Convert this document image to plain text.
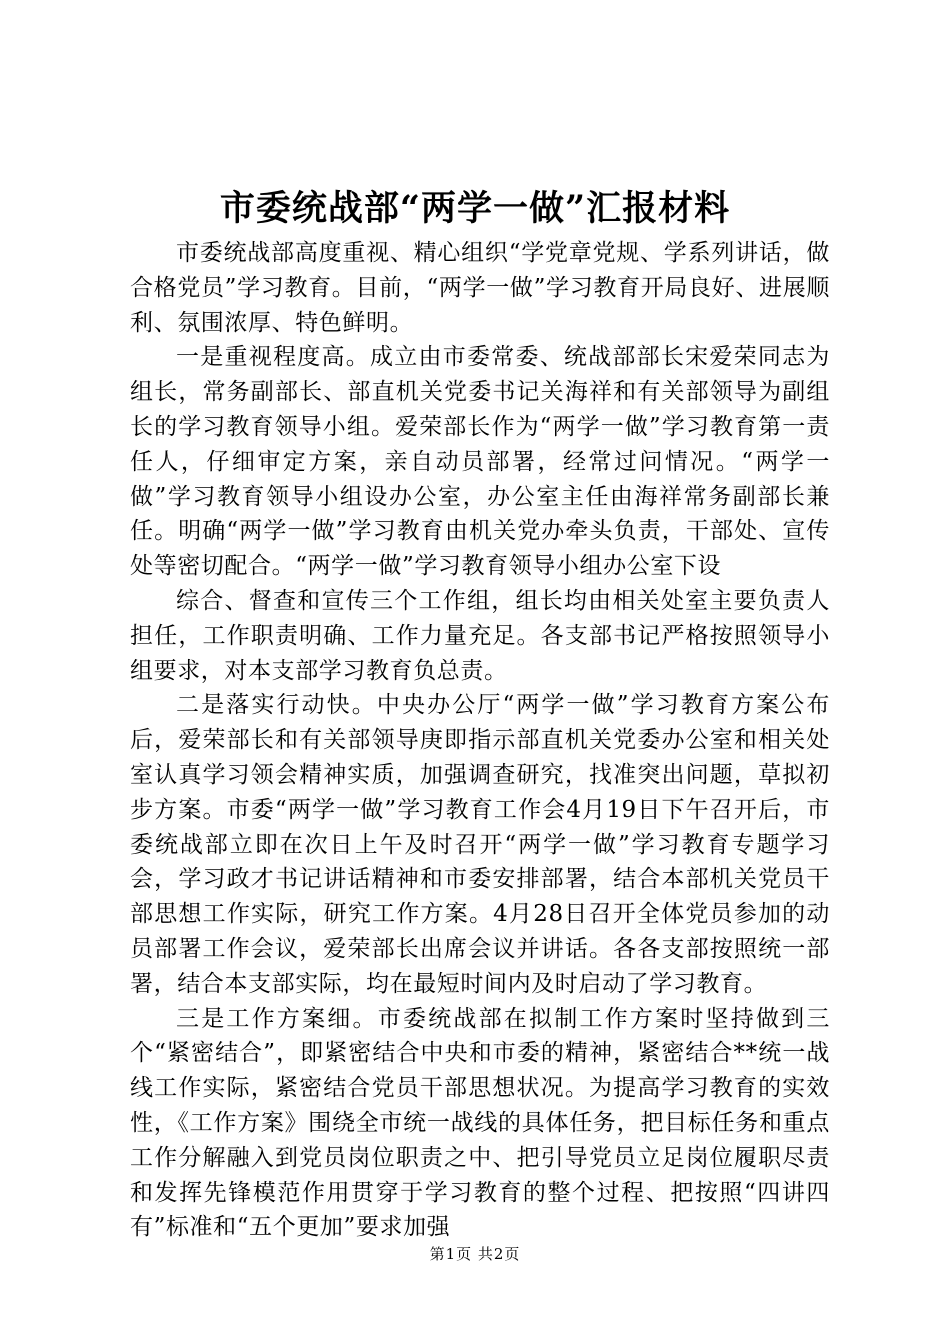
市委统战部“两学一做”汇报材料

市委统战部高度重视、精心组织“学党章党规、学系列讲话，做合格党员”学习教育。目前，“两学一做”学习教育开局良好、进展顺利、氛围浓厚、特色鲜明。

一是重视程度高。成立由市委常委、统战部部长宋爱荣同志为组长，常务副部长、部直机关党委书记关海祥和有关部领导为副组长的学习教育领导小组。爱荣部长作为“两学一做”学习教育第一责任人，仔细审定方案，亲自动员部署，经常过问情况。“两学一做”学习教育领导小组设办公室，办公室主任由海祥常务副部长兼任。明确“两学一做”学习教育由机关党办牵头负责，干部处、宣传处等密切配合。“两学一做”学习教育领导小组办公室下设

综合、督查和宣传三个工作组，组长均由相关处室主要负责人担任，工作职责明确、工作力量充足。各支部书记严格按照领导小组要求，对本支部学习教育负总责。

二是落实行动快。中央办公厅“两学一做”学习教育方案公布后，爱荣部长和有关部领导庚即指示部直机关党委办公室和相关处室认真学习领会精神实质，加强调查研究，找准突出问题，草拟初步方案。市委“两学一做”学习教育工作会4月19日下午召开后，市委统战部立即在次日上午及时召开“两学一做”学习教育专题学习会，学习政才书记讲话精神和市委安排部署，结合本部机关党员干部思想工作实际，研究工作方案。4月28日召开全体党员参加的动员部署工作会议，爱荣部长出席会议并讲话。各各支部按照统一部署，结合本支部实际，均在最短时间内及时启动了学习教育。

三是工作方案细。市委统战部在拟制工作方案时坚持做到三个“紧密结合”，即紧密结合中央和市委的精神，紧密结合**统一战线工作实际，紧密结合党员干部思想状况。为提高学习教育的实效性，《工作方案》围绕全市统一战线的具体任务，把目标任务和重点工作分解融入到党员岗位职责之中、把引导党员立足岗位履职尽责和发挥先锋模范作用贯穿于学习教育的整个过程、把按照“四讲四有”标准和“五个更加”要求加强

第1页 共2页
